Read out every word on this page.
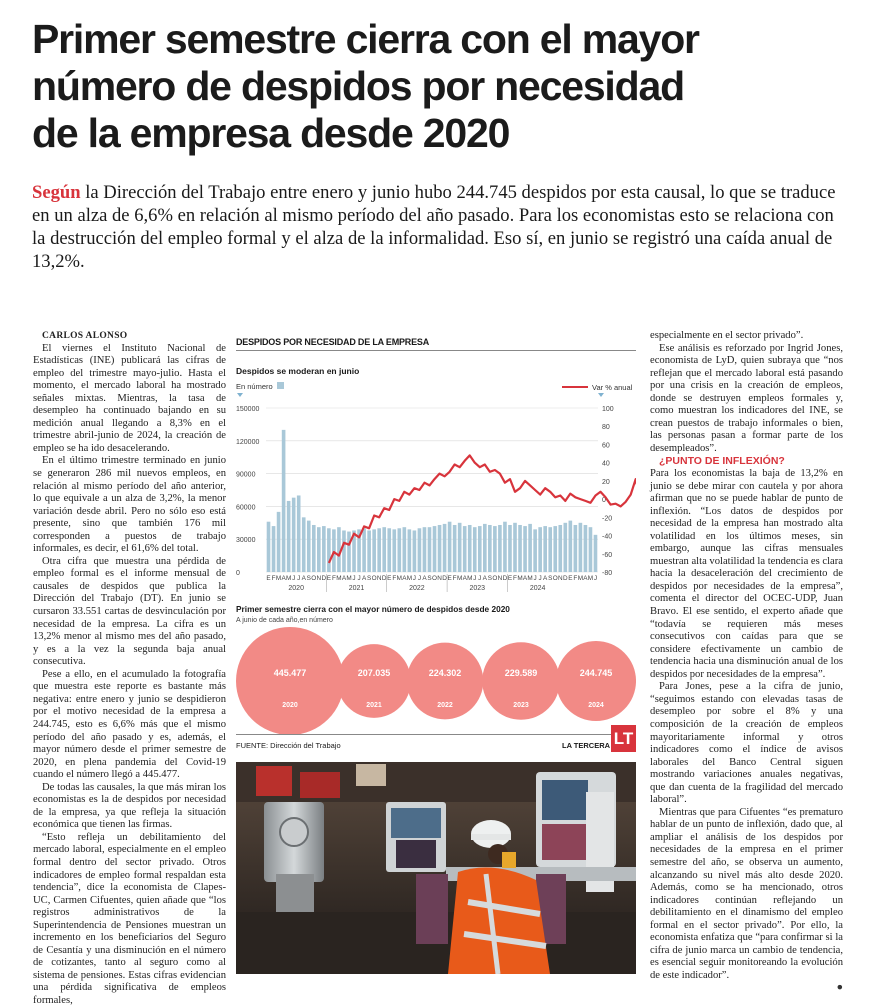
Primer semestre cierra con el mayor
número de despidos por necesidad
de la empresa desde 2020
Según la Dirección del Trabajo entre enero y junio hubo 244.745 despidos por esta causal, lo que se traduce en un alza de 6,6% en relación al mismo período del año pasado. Para los economistas esto se relaciona con la destrucción del empleo formal y el alza de la informalidad. Eso sí, en junio se registró una caída anual de 13,2%.

CARLOS ALONSO

El viernes el Instituto Nacional de Estadísticas (INE) publicará las cifras de empleo del trimestre mayo-julio. Hasta el momento, el mercado laboral ha mostrado señales mixtas. Mientras, la tasa de desempleo ha continuado bajando en su medición anual llegando a 8,3% en el trimestre abril-junio de 2024, la creación de empleo se ha ido desacelerando.

En el último trimestre terminado en junio se generaron 286 mil nuevos empleos, en relación al mismo período del año anterior, lo que equivale a un alza de 3,2%, la menor variación desde abril. Pero no sólo eso está presente, sino que también 176 mil corresponden a puestos de trabajo informales, es decir, el 61,6% del total.

Otra cifra que muestra una pérdida de empleo formal es el informe mensual de causales de despidos que publica la Dirección del Trabajo (DT). En junio se cursaron 33.551 cartas de desvinculación por necesidad de la empresa. La cifra es un 13,2% menor al mismo mes del año pasado, y es a la vez la segunda baja anual consecutiva.

Pese a ello, en el acumulado la fotografía que muestra este reporte es bastante más negativa: entre enero y junio se despidieron por el motivo necesidad de la empresa a 244.745, esto es 6,6% más que el mismo período del año pasado y es, además, el mayor número desde el primer semestre de 2020, en plena pandemia del Covid-19 cuando el número llegó a 445.477.

De todas las causales, la que más miran los economistas es la de despidos por necesidad de la empresa, ya que refleja la situación económica que tienen las firmas.

“Esto refleja un debilitamiento del mercado laboral, especialmente en el empleo formal dentro del sector privado. Otros indicadores de empleo formal respaldan esta tendencia”, dice la economista de Clapes-UC, Carmen Cifuentes, quien añade que “los registros administrativos de la Superintendencia de Pensiones muestran un incremento en los beneficiarios del Seguro de Cesantía y una disminución en el número de cotizantes, tanto al seguro como al sistema de pensiones. Estas cifras evidencian una pérdida significativa de empleos formales,

especialmente en el sector privado”.

Ese análisis es reforzado por Ingrid Jones, economista de LyD, quien subraya que “nos reflejan que el mercado laboral está pasando por una crisis en la creación de empleos, donde se destruyen empleos formales y, como muestran los indicadores del INE, se crean puestos de trabajo informales o bien, las personas pasan a formar parte de los desempleados”.

¿PUNTO DE INFLEXIÓN?

Para los economistas la baja de 13,2% en junio se debe mirar con cautela y por ahora afirman que no se puede hablar de punto de inflexión. “Los datos de despidos por necesidad de la empresa han mostrado alta volatilidad en los últimos meses, sin embargo, aunque las cifras mensuales muestran alta volatilidad la tendencia es clara hacia la desaceleración del crecimiento de despidos por necesidades de la empresa”, comenta el director del OCEC-UDP, Juan Bravo. El ese sentido, el experto añade que “todavía se requieren más meses consecutivos con caídas para que se considere efectivamente un cambio de tendencia hacia una disminución anual de los despidos por necesidades de la empresa”.

Para Jones, pese a la cifra de junio, “seguimos estando con elevadas tasas de desempleo por sobre el 8% y una composición de la creación de empleos mayoritariamente informal y otros indicadores como el índice de avisos laborales del Banco Central siguen mostrando variaciones anuales negativas, que dan cuenta de la fragilidad del mercado laboral”.

Mientras que para Cifuentes “es prematuro hablar de un punto de inflexión, dado que, al ampliar el análisis de los despidos por necesidades de la empresa en el primer semestre del año, se observa un aumento, alcanzando su nivel más alto desde 2020. Además, como se ha mencionado, otros indicadores continúan reflejando un debilitamiento en el dinamismo del empleo formal en el sector privado”. Por ello, la economista enfatiza que “para confirmar si la cifra de junio marca un cambio de tendencia, es esencial seguir monitoreando la evolución de este indicador”.

●

DESPIDOS POR NECESIDAD DE LA EMPRESA
Despidos se moderan en junio
En número	Var % anual
150000
120000
90000
60000
30000
0
100
80
60
40
20
0
-20
-40
-60
-80
E F M A M J J A S O N D E F M A M J J A S O N D E F M A M J J A S O N D E F M A M J J A S O N D E F M A M J J A S O N D E F M A M J
2020	2021	2022	2023	2024
Primer semestre cierra con el mayor número de despidos desde 2020
A junio de cada año,en número
445.477
2020
207.035
2021
224.302
2022
229.589
2023
244.745
2024
FUENTE: Dirección del Trabajo	LA TERCERA LT
